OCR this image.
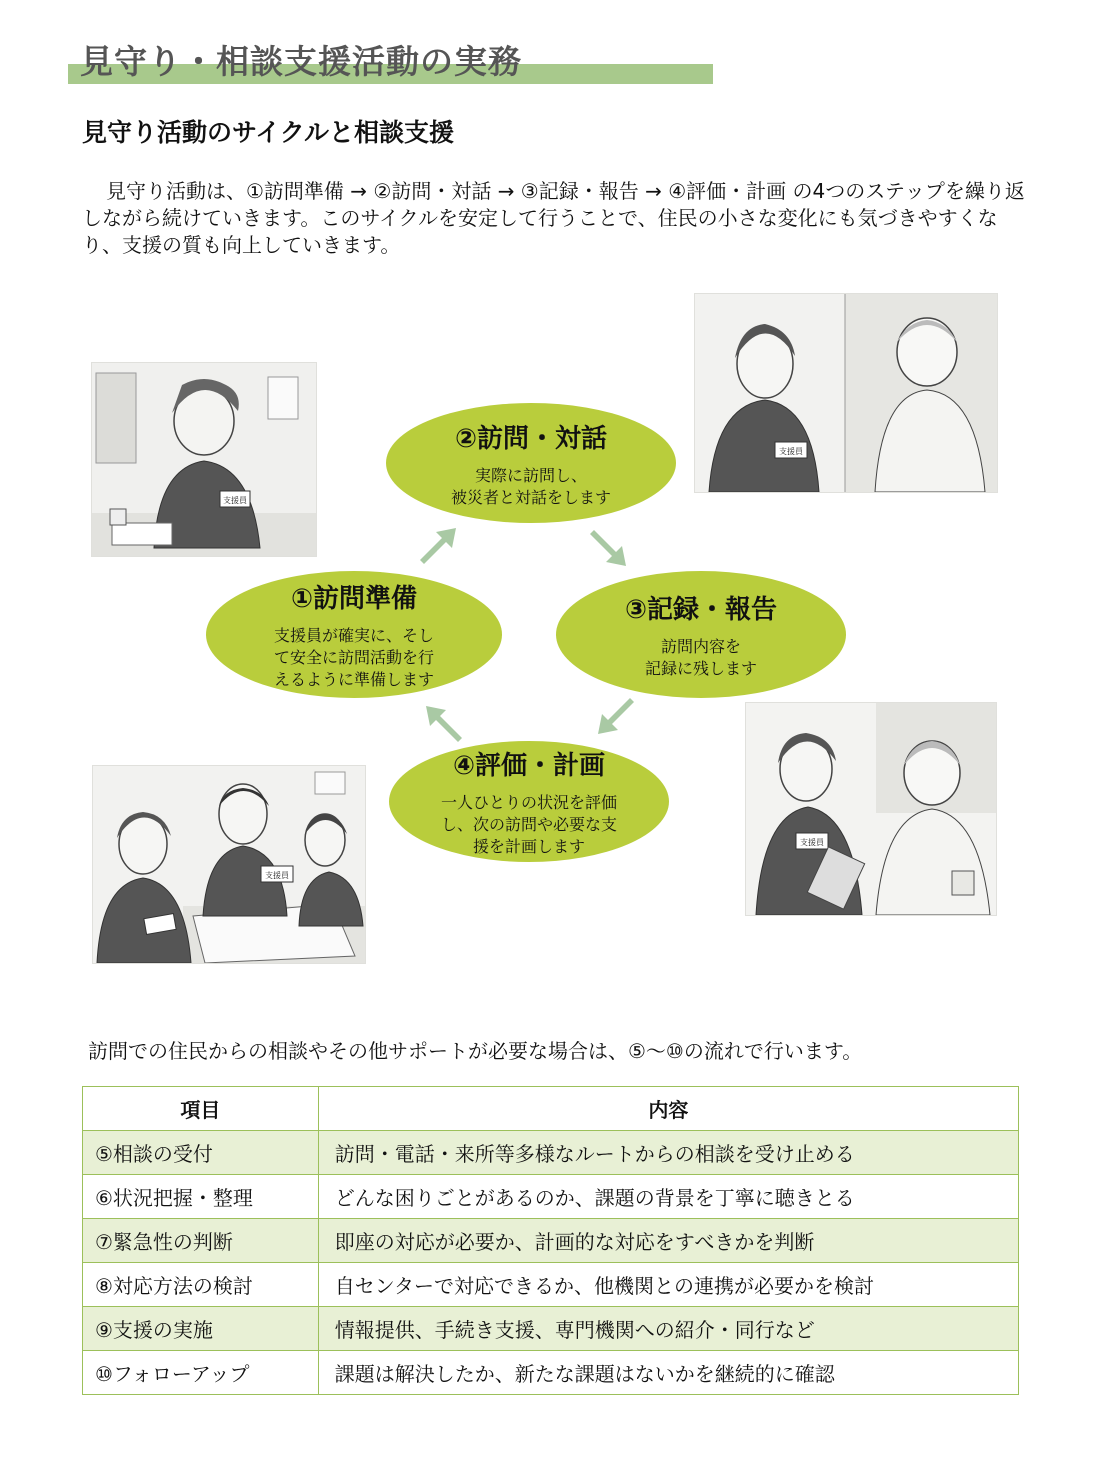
見守り・相談支援活動の実務
見守り活動のサイクルと相談支援

見守り活動は、①訪問準備 → ②訪問・対話 → ③記録・報告 → ④評価・計画 の4つのステップを繰り返しながら続けていきます。このサイクルを安定して行うことで、住民の小さな変化にも気づきやすくなり、支援の質も向上していきます。

②訪問・対話
実際に訪問し、
被災者と対話をします
①訪問準備
支援員が確実に、そし
て安全に訪問活動を行
えるように準備します
③記録・報告
訪問内容を
記録に残します
④評価・計画
一人ひとりの状況を評価
し、次の訪問や必要な支
援を計画します
支援員
支援員
支援員
支援員
訪問での住民からの相談やその他サポートが必要な場合は、⑤〜⑩の流れで行います。
項目	内容
⑤相談の受付	訪問・電話・来所等多様なルートからの相談を受け止める
⑥状況把握・整理	どんな困りごとがあるのか、課題の背景を丁寧に聴きとる
⑦緊急性の判断	即座の対応が必要か、計画的な対応をすべきかを判断
⑧対応方法の検討	自センターで対応できるか、他機関との連携が必要かを検討
⑨支援の実施	情報提供、手続き支援、専門機関への紹介・同行など
⑩フォローアップ	課題は解決したか、新たな課題はないかを継続的に確認
